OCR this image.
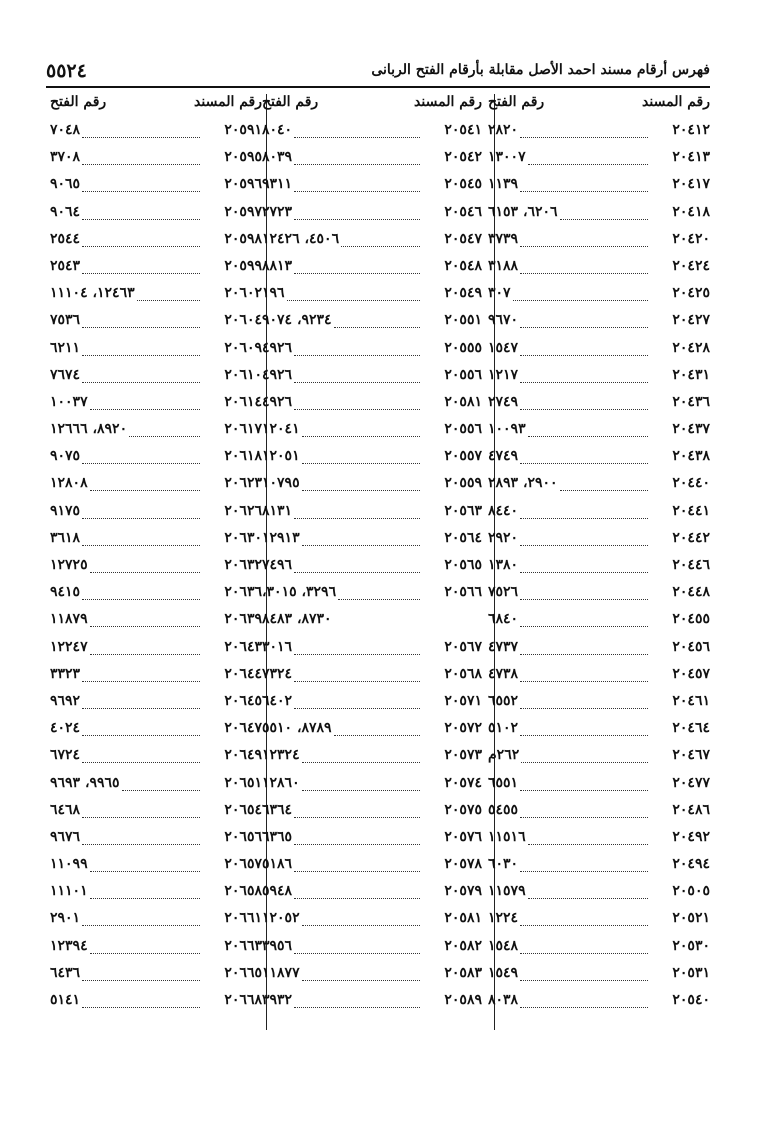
فهرس أرقام مسند احمد الأصل مقابلة بأرقام الفتح الربانى
٥٥٢٤
رقم المسند
رقم الفتح
٢٠٤١٢
٢٨٢٠
٢٠٤١٣
١٣٠٠٧
٢٠٤١٧
١١٣٩
٢٠٤١٨
٦٢٠٦، ٦١٥٣
٢٠٤٢٠
٣٧٣٩
٢٠٤٢٤
٣١٨٨
٢٠٤٢٥
٣٠٧
٢٠٤٢٧
٩٦٧٠
٢٠٤٢٨
١٥٤٧
٢٠٤٣١
١٢١٧
٢٠٤٣٦
٢٧٤٩
٢٠٤٣٧
١٠٠٩٣
٢٠٤٣٨
٤٧٤٩
٢٠٤٤٠
٢٩٠٠، ٢٨٩٣
٢٠٤٤١
٨٤٤٠
٢٠٤٤٢
٢٩٢٠
٢٠٤٤٦
١٣٨٠
٢٠٤٤٨
٧٥٢٦
٢٠٤٥٥
٦٨٤٠
٢٠٤٥٦
٤٧٣٧
٢٠٤٥٧
٤٧٣٨
٢٠٤٦١
٦٥٥٢
٢٠٤٦٤
٥١٠٢
٢٠٤٦٧
٢٦٢م
٢٠٤٧٧
٦٥٥١
٢٠٤٨٦
٥٤٥٥
٢٠٤٩٢
١١٥١٦
٢٠٤٩٤
٦٠٣٠
٢٠٥٠٥
١١٥٧٩
٢٠٥٢١
١٢٢٤
٢٠٥٣٠
١٥٤٨
٢٠٥٣١
١٥٤٩
٢٠٥٤٠
٨٠٣٨
رقم المسند
رقم الفتح
٢٠٥٤١
٨٠٤٠
٢٠٥٤٢
٨٠٣٩
٢٠٥٤٥
٩٣١١
٢٠٥٤٦
٢٧٢٣
٢٠٥٤٧
٤٥٠٦، ١٢٤٢٦
٢٠٥٤٨
٨٨١٣
٢٠٥٤٩
١٩٦
٢٠٥٥١
٩٢٣٤، ٩٠٧٤
٢٠٥٥٥
٤٩٢٦
٢٠٥٥٦
٤٩٢٦
٢٠٥٨١
٤٩٢٦
٢٠٥٥٦
١٢٠٤١
٢٠٥٥٧
١٢٠٥١
٢٠٥٥٩
١٠٧٩٥
٢٠٥٦٣
٨١٣١
٢٠٥٦٤
١٢٩١٣
٢٠٥٦٥
٧٤٩٦
٢٠٥٦٦
٣٢٩٦، ٣٠١٥،
٨٧٣٠، ٨٤٨٣
٢٠٥٦٧
٣٠١٦
٢٠٥٦٨
٧٣٢٤
٢٠٥٧١
٦٤٠٢
٢٠٥٧٢
٨٧٨٩، ٥٥١٠
٢٠٥٧٣
١٢٣٢٤
٢٠٥٧٤
١٢٨٦٠
٢٠٥٧٥
٦٣٦٤
٢٠٥٧٦
٦٣٦٥
٢٠٥٧٨
٥١٨٦
٢٠٥٧٩
٥٩٤٨
٢٠٥٨١
١٢٠٥٢
٢٠٥٨٢
٣٩٥٦
٢٠٥٨٣
١١٨٧٧
٢٠٥٨٩
٣٩٣٢
رقم المسند
رقم الفتح
٢٠٥٩١
٧٠٤٨
٢٠٥٩٥
٣٧٠٨
٢٠٥٩٦
٩٠٦٥
٢٠٥٩٧
٩٠٦٤
٢٠٥٩٨
٢٥٤٤
٢٠٥٩٩
٢٥٤٣
٢٠٦٠٢
١٢٤٦٣، ١١١٠٤
٢٠٦٠٤
٧٥٣٦
٢٠٦٠٩
٦٢١١
٢٠٦١٠
٧٦٧٤
٢٠٦١٤
١٠٠٣٧
٢٠٦١٧
٨٩٢٠، ١٢٦٦٦
٢٠٦١٨
٩٠٧٥
٢٠٦٢٣
١٢٨٠٨
٢٠٦٢٦
٩١٧٥
٢٠٦٣٠
٣٦١٨
٢٠٦٣٢
١٢٧٢٥
٢٠٦٣٦
٩٤١٥
٢٠٦٣٩
١١٨٧٩
٢٠٦٤٣
١٢٢٤٧
٢٠٦٤٤
٣٣٢٣
٢٠٦٤٥
٩٦٩٢
٢٠٦٤٧
٤٠٢٤
٢٠٦٤٩
٦٧٢٤
٢٠٦٥١
٩٩٦٥، ٩٦٩٣
٢٠٦٥٤
٦٤٦٨
٢٠٦٥٦
٩٦٧٦
٢٠٦٥٧
١١٠٩٩
٢٠٦٥٨
١١١٠١
٢٠٦٦١
٢٩٠١
٢٠٦٦٣
١٢٣٩٤
٢٠٦٦٥
٦٤٣٦
٢٠٦٦٨
٥١٤١
